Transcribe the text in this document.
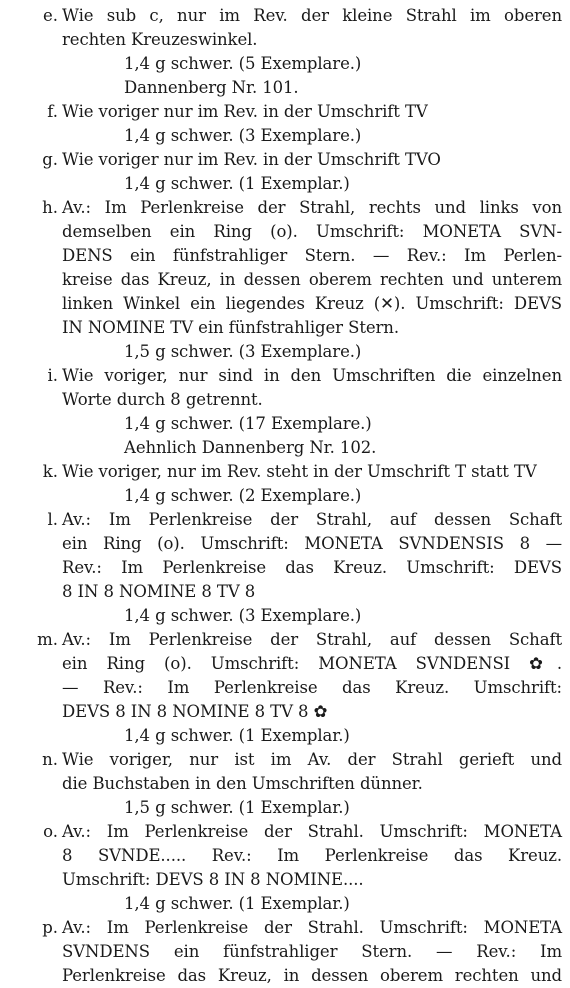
e. Wie sub c, nur im Rev. der kleine Strahl im oberen
rechten Kreuzeswinkel.
1,4 g schwer. (5 Exemplare.)
Dannenberg Nr. 101.
f. Wie voriger nur im Rev. in der Umschrift TV
1,4 g schwer. (3 Exemplare.)
g. Wie voriger nur im Rev. in der Umschrift TVO
1,4 g schwer. (1 Exemplar.)
h. Av.: Im Perlenkreise der Strahl, rechts und links von
demselben ein Ring (o). Umschrift: MONETA SVN-
DENS ein fünfstrahliger Stern. — Rev.: Im Perlen-
kreise das Kreuz, in dessen oberem rechten und unterem
linken Winkel ein liegendes Kreuz (✕). Umschrift: DEVS
IN NOMINE TV ein fünfstrahliger Stern.
1,5 g schwer. (3 Exemplare.)
i. Wie voriger, nur sind in den Umschriften die einzelnen
Worte durch 8 getrennt.
1,4 g schwer. (17 Exemplare.)
Aehnlich Dannenberg Nr. 102.
k. Wie voriger, nur im Rev. steht in der Umschrift T statt TV
1,4 g schwer. (2 Exemplare.)
l. Av.: Im Perlenkreise der Strahl, auf dessen Schaft
ein Ring (o). Umschrift: MONETA SVNDENSIS 8 —
Rev.: Im Perlenkreise das Kreuz. Umschrift: DEVS
8 IN 8 NOMINE 8 TV 8
1,4 g schwer. (3 Exemplare.)
m. Av.: Im Perlenkreise der Strahl, auf dessen Schaft
ein Ring (o). Umschrift: MONETA SVNDENSI ✿.
— Rev.: Im Perlenkreise das Kreuz. Umschrift:
DEVS 8 IN 8 NOMINE 8 TV 8 ✿
1,4 g schwer. (1 Exemplar.)
n. Wie voriger, nur ist im Av. der Strahl gerieft und
die Buchstaben in den Umschriften dünner.
1,5 g schwer. (1 Exemplar.)
o. Av.: Im Perlenkreise der Strahl. Umschrift: MONETA
8 SVNDE..... Rev.: Im Perlenkreise das Kreuz.
Umschrift: DEVS 8 IN 8 NOMINE....
1,4 g schwer. (1 Exemplar.)
p. Av.: Im Perlenkreise der Strahl. Umschrift: MONETA
SVNDENS ein fünfstrahliger Stern. — Rev.: Im
Perlenkreise das Kreuz, in dessen oberem rechten und
